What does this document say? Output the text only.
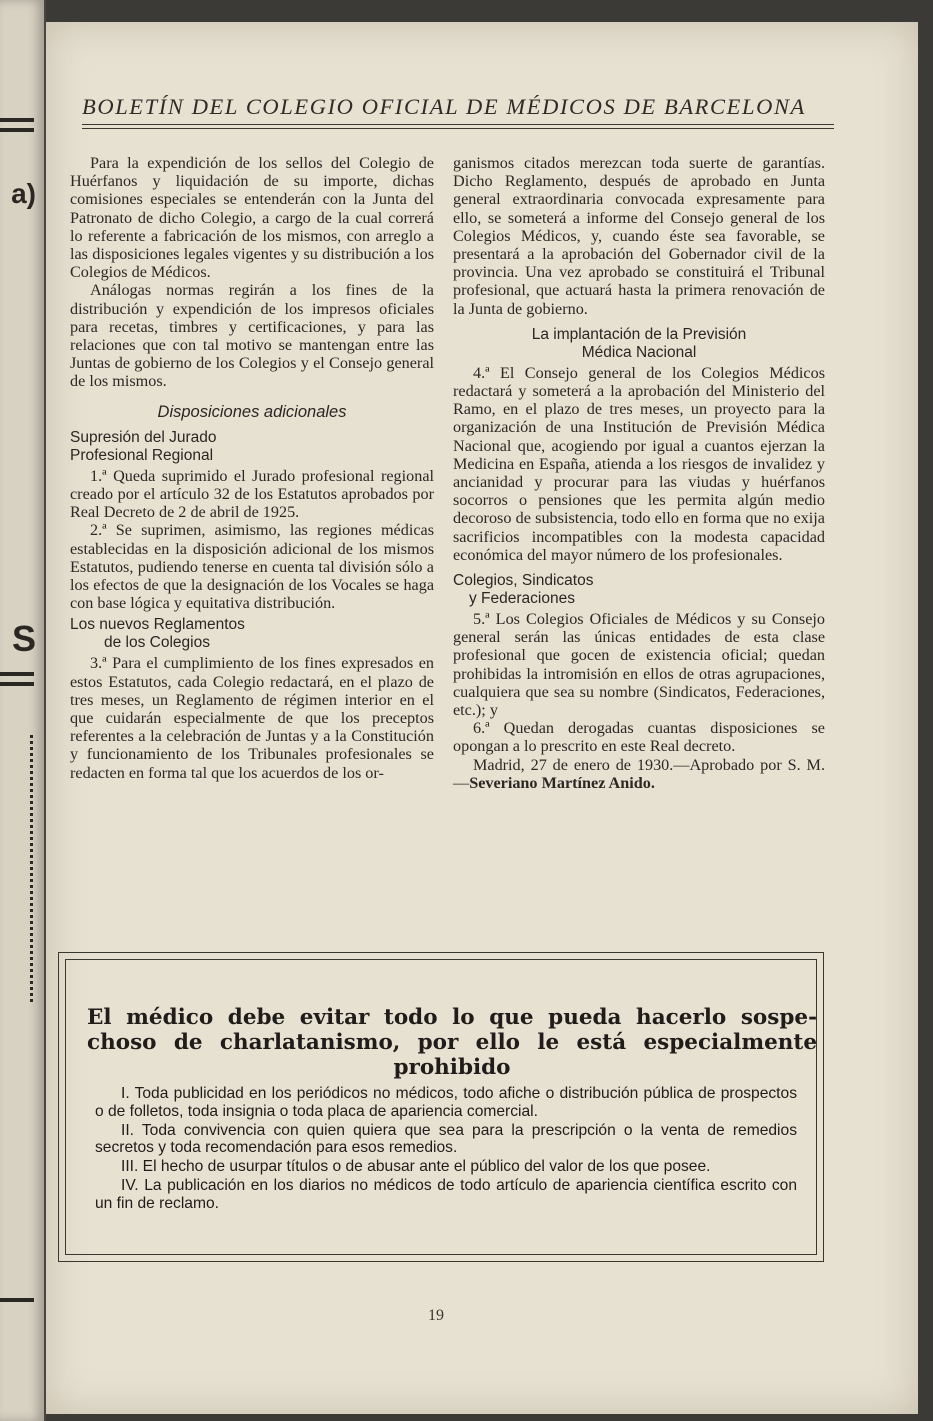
a)
S
BOLETÍN DEL COLEGIO OFICIAL DE MÉDICOS DE BARCELONA

Para la expendición de los sellos del Colegio de Huérfanos y liquidación de su importe, dichas comisiones especiales se entenderán con la Junta del Patronato de dicho Colegio, a cargo de la cual correrá lo referente a fabricación de los mismos, con arreglo a las disposiciones legales vigentes y su distribución a los Colegios de Médicos.

Análogas normas regirán a los fines de la distribución y expendición de los impresos oficiales para recetas, timbres y certificaciones, y para las relaciones que con tal motivo se mantengan entre las Juntas de gobierno de los Colegios y el Consejo general de los mismos.

Disposiciones adicionales
Supresión del Jurado
Profesional Regional

1.ª Queda suprimido el Jurado profesional regional creado por el artículo 32 de los Estatutos aprobados por Real Decreto de 2 de abril de 1925.

2.ª Se suprimen, asimismo, las regiones médicas establecidas en la disposición adicional de los mismos Estatutos, pudiendo tenerse en cuenta tal división sólo a los efectos de que la designación de los Vocales se haga con base lógica y equitativa distribución.

Los nuevos Reglamentos
de los Colegios

3.ª Para el cumplimiento de los fines expresados en estos Estatutos, cada Colegio redactará, en el plazo de tres meses, un Reglamento de régimen interior en el que cuidarán especialmente de que los preceptos referentes a la celebración de Juntas y a la Constitución y funcionamiento de los Tribunales profesionales se redacten en forma tal que los acuerdos de los or-

ganismos citados merezcan toda suerte de garantías. Dicho Reglamento, después de aprobado en Junta general extraordinaria convocada expresamente para ello, se someterá a informe del Consejo general de los Colegios Médicos, y, cuando éste sea favorable, se presentará a la aprobación del Gobernador civil de la provincia. Una vez aprobado se constituirá el Tribunal profesional, que actuará hasta la primera renovación de la Junta de gobierno.

La implantación de la Previsión
Médica Nacional

4.ª El Consejo general de los Colegios Médicos redactará y someterá a la aprobación del Ministerio del Ramo, en el plazo de tres meses, un proyecto para la organización de una Institución de Previsión Médica Nacional que, acogiendo por igual a cuantos ejerzan la Medicina en España, atienda a los riesgos de invalidez y ancianidad y procurar para las viudas y huérfanos socorros o pensiones que les permita algún medio decoroso de subsistencia, todo ello en forma que no exija sacrificios incompatibles con la modesta capacidad económica del mayor número de los profesionales.

Colegios, Sindicatos
y Federaciones

5.ª Los Colegios Oficiales de Médicos y su Consejo general serán las únicas entidades de esta clase profesional que gocen de existencia oficial; quedan prohibidas la intromisión en ellos de otras agrupaciones, cualquiera que sea su nombre (Sindicatos, Federaciones, etc.); y

6.ª Quedan derogadas cuantas disposiciones se opongan a lo prescrito en este Real decreto.

Madrid, 27 de enero de 1930.—Aprobado por S. M.—Severiano Martínez Anido.

El médico debe evitar todo lo que pueda hacerlo sospe-
choso de charlatanismo, por ello le está especialmente
prohibido

I. Toda publicidad en los periódicos no médicos, todo afiche o distribución pública de prospectos o de folletos, toda insignia o toda placa de apariencia comercial.

II. Toda convivencia con quien quiera que sea para la prescripción o la venta de remedios secretos y toda recomendación para esos remedios.

III. El hecho de usurpar títulos o de abusar ante el público del valor de los que posee.

IV. La publicación en los diarios no médicos de todo artículo de apariencia científica escrito con un fin de reclamo.

19
